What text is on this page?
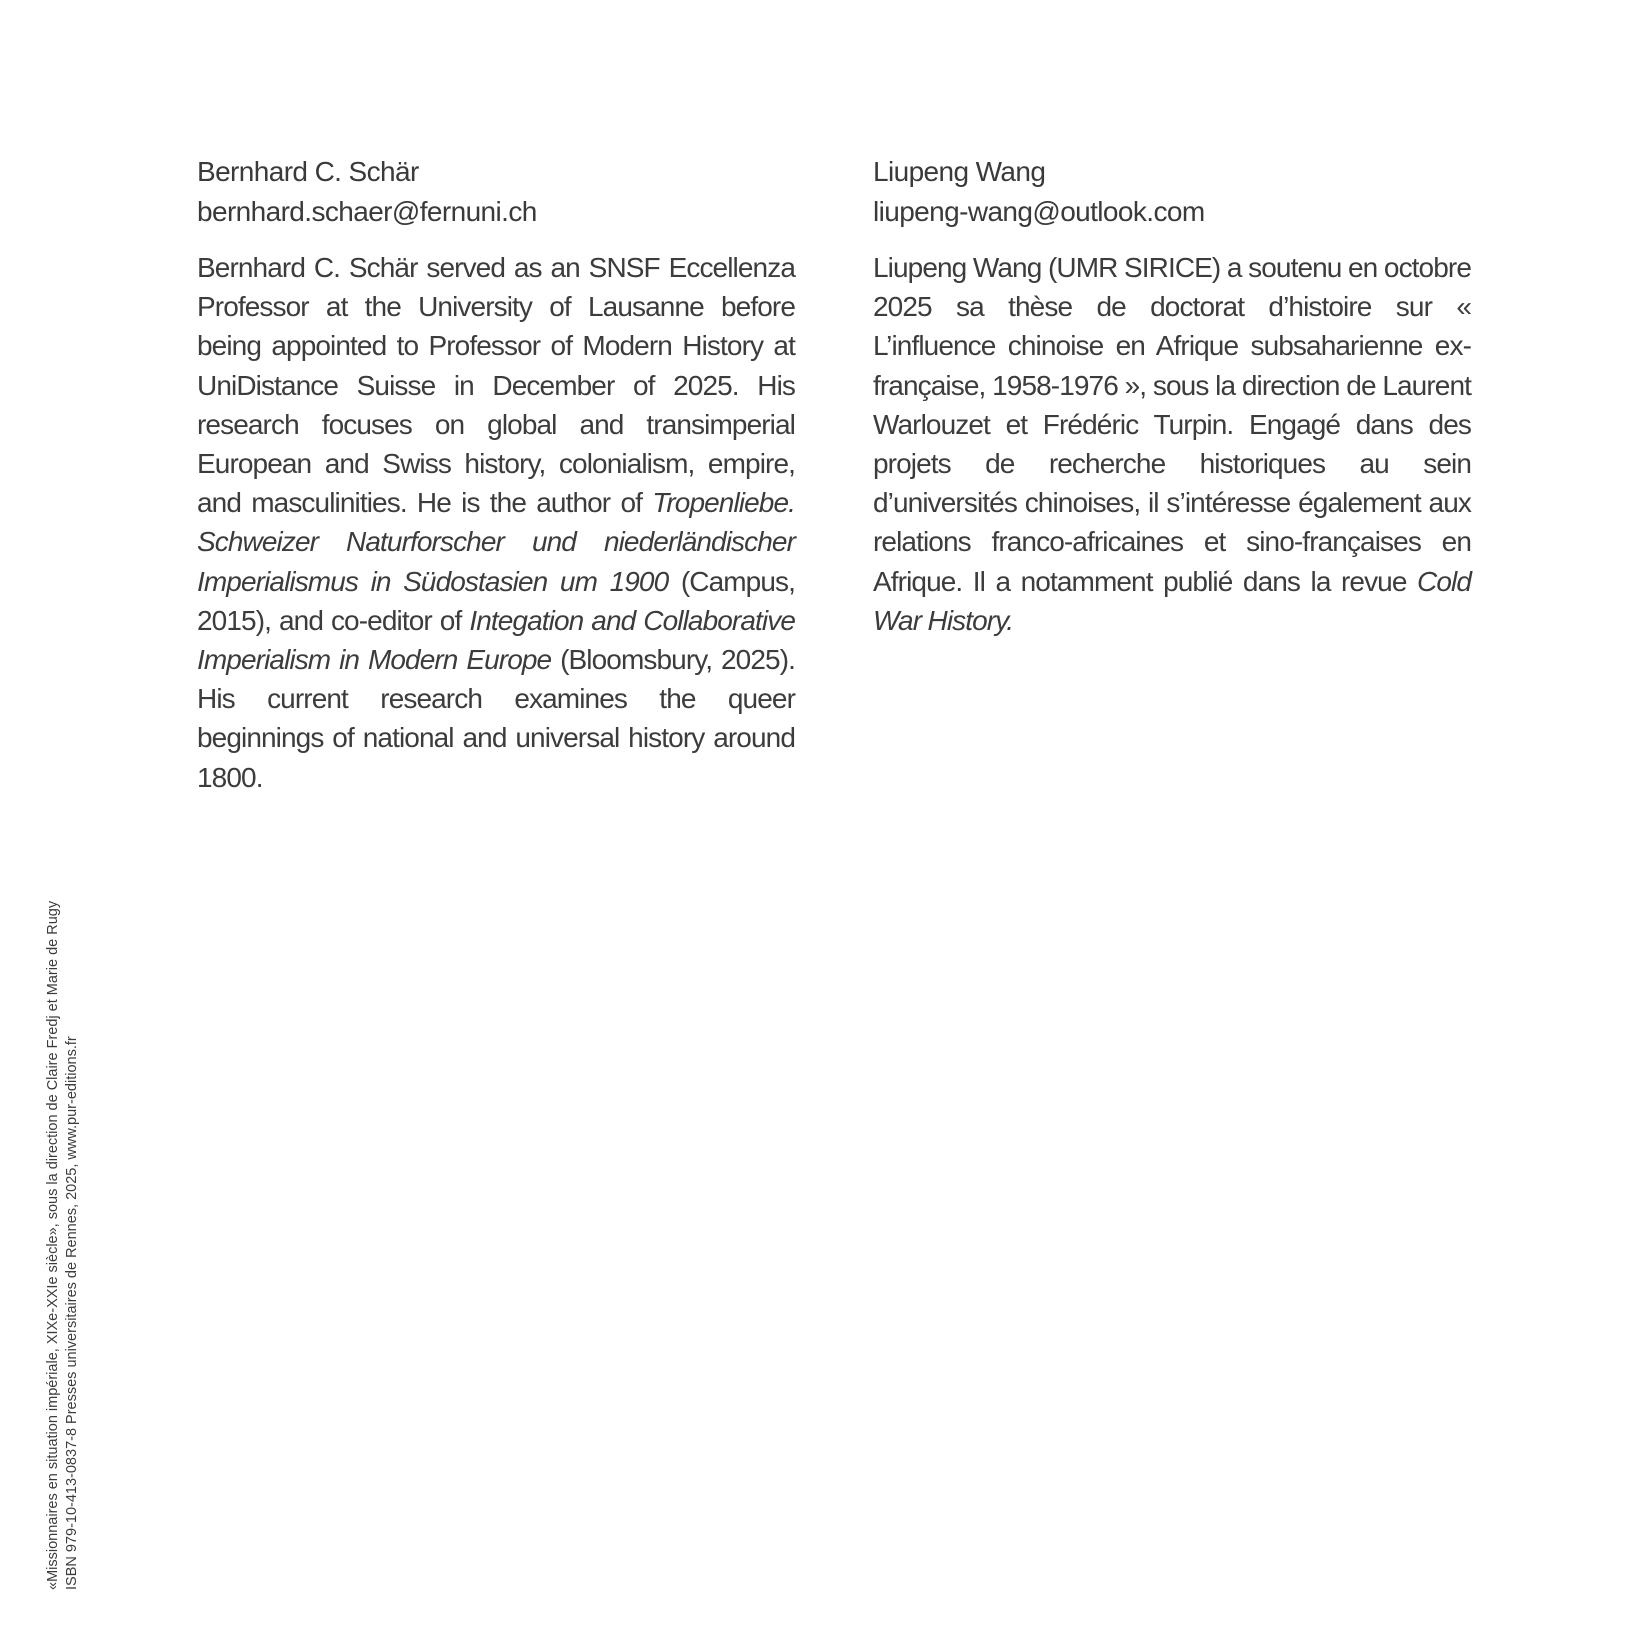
Bernhard C. Schär
bernhard.schaer@fernuni.ch

Bernhard C. Schär served as an SNSF Eccellenza Professor at the University of Lausanne before being appointed to Professor of Modern History at UniDistance Suisse in December of 2025. His research focuses on global and transimperial European and Swiss history, colonialism, empire, and masculinities. He is the author of Tropenliebe. Schweizer Naturforscher und niederländischer Imperialismus in Südostasien um 1900 (Campus, 2015), and co-editor of Integation and Collaborative Imperialism in Modern Europe (Bloomsbury, 2025). His current research examines the queer beginnings of national and universal history around 1800.

Liupeng Wang
liupeng-wang@outlook.com

Liupeng Wang (UMR SIRICE) a soutenu en octobre 2025 sa thèse de doctorat d’histoire sur « L’influence chinoise en Afrique subsaharienne ex-française, 1958-1976 », sous la direction de Laurent Warlouzet et Frédéric Turpin. Engagé dans des projets de recherche historiques au sein d’universités chinoises, il s’intéresse également aux relations franco-africaines et sino-françaises en Afrique. Il a notamment publié dans la revue Cold War History.

«Missionnaires en situation impériale, XIXe-XXIe siècle», sous la direction de Claire Fredj et Marie de Rugy ISBN 979-10-413-0837-8 Presses universitaires de Rennes, 2025, www.pur-editions.fr
